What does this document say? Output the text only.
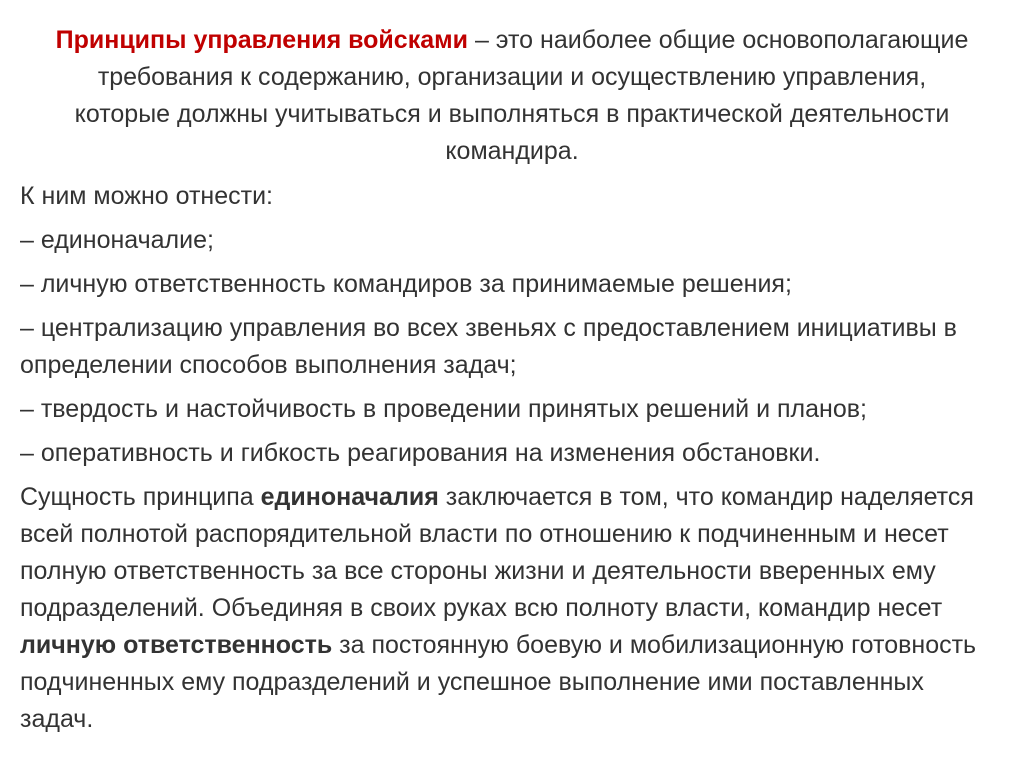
Принципы управления войсками – это наиболее общие основополагающие требования к содержанию, организации и осуществлению управления, которые должны учитываться и выполняться в практической деятельности командира.

К ним можно отнести:

– единоначалие;

– личную ответственность командиров за принимаемые решения;

– централизацию управления во всех звеньях с предоставлением инициативы в определении способов выполнения задач;

– твердость и настойчивость в проведении принятых решений и планов;

– оперативность и гибкость реагирования на изменения обстановки.

Сущность принципа единоначалия заключается в том, что командир наделяется всей полнотой распорядительной власти по отношению к подчиненным и несет полную ответственность за все стороны жизни и деятельности вверенных ему подразделений. Объединяя в своих руках всю полноту власти, командир несет личную ответственность за постоянную боевую и мобилизационную готовность подчиненных ему подразделений и успешное выполнение ими поставленных задач.
